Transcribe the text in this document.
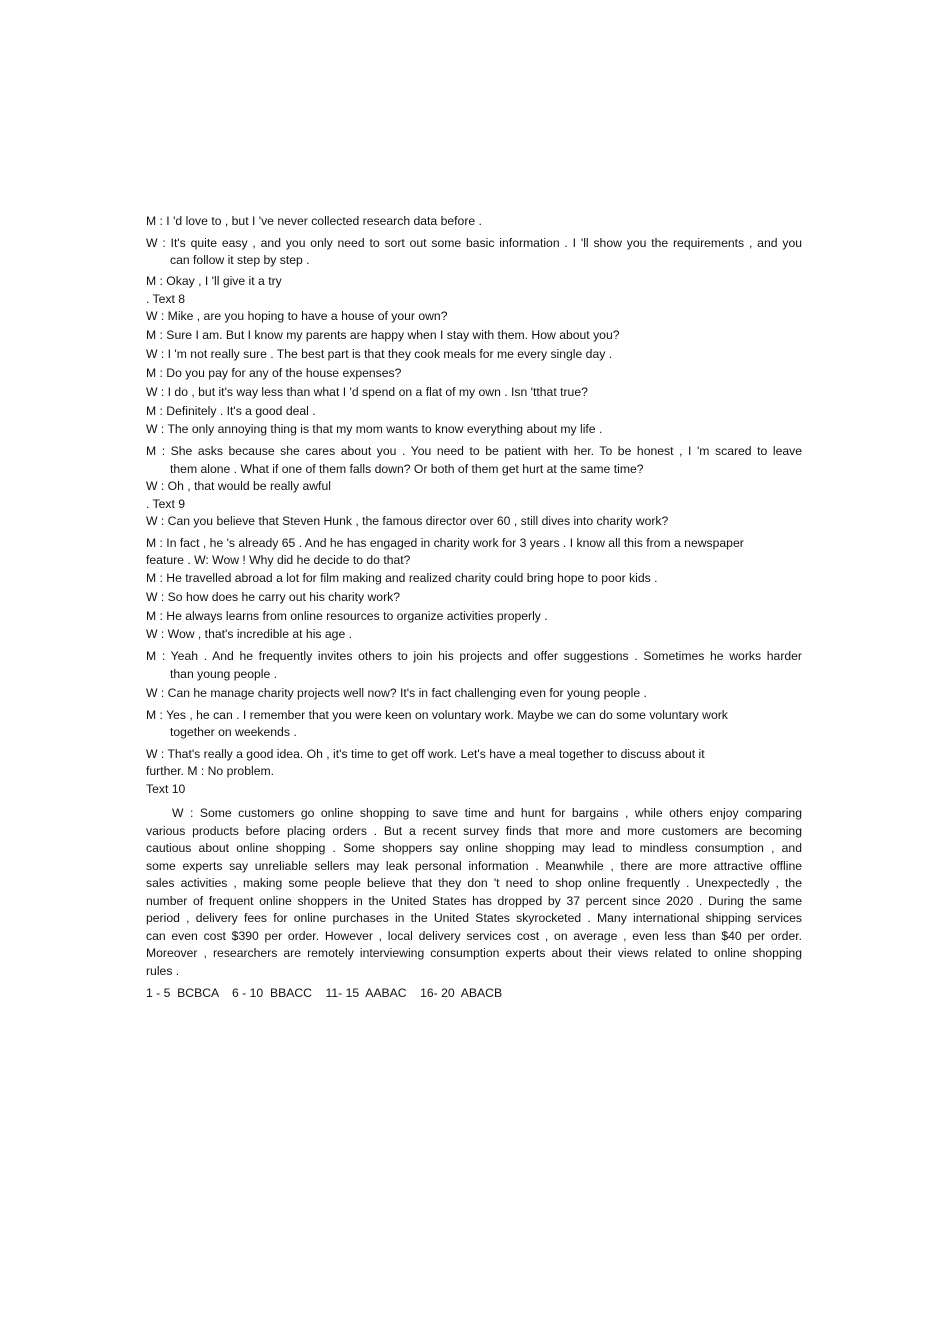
M : I 'd love to , but I 've never collected research data before .

W : It's quite easy , and you only need to sort out some basic information . I 'll show you the requirements , and you
can follow it step by step .

M : Okay , I 'll give it a try

. Text 8

W : Mike , are you hoping to have a house of your own?

M : Sure I am. But I know my parents are happy when I stay with them. How about you?

W : I 'm not really sure . The best part is that they cook meals for me every single day .

M : Do you pay for any of the house expenses?

W : I do , but it's way less than what I 'd spend on a flat of my own . Isn 'tthat true?

M : Definitely . It's a good deal .

W : The only annoying thing is that my mom wants to know everything about my life .

M : She asks because she cares about you . You need to be patient with her. To be honest , I 'm scared to leave
them alone . What if one of them falls down? Or both of them get hurt at the same time?

W : Oh , that would be really awful

. Text 9

W : Can you believe that Steven Hunk , the famous director over 60 , still dives into charity work?

M : In fact , he 's already 65 . And he has engaged in charity work for 3 years . I know all this from a newspaper
feature . W: Wow ! Why did he decide to do that?

M : He travelled abroad a lot for film making and realized charity could bring hope to poor kids .

W : So how does he carry out his charity work?

M : He always learns from online resources to organize activities properly .

W : Wow , that's incredible at his age .

M : Yeah . And he frequently invites others to join his projects and offer suggestions . Sometimes he works harder
than young people .

W : Can he manage charity projects well now? It's in fact challenging even for young people .

M : Yes , he can . I remember that you were keen on voluntary work. Maybe we can do some voluntary work
together on weekends .

W : That's really a good idea. Oh , it's time to get off work. Let's have a meal together to discuss about it
further. M : No problem.

Text 10

W : Some customers go online shopping to save time and hunt for bargains , while others enjoy comparing
various products before placing orders . But a recent survey finds that more and more customers are becoming
cautious about online shopping . Some shoppers say online shopping may lead to mindless consumption , and
some experts say unreliable sellers may leak personal information . Meanwhile , there are more attractive offline
sales activities , making some people believe that they don 't need to shop online frequently . Unexpectedly , the
number of frequent online shoppers in the United States has dropped by 37 percent since 2020 . During the same
period , delivery fees for online purchases in the United States skyrocketed . Many international shipping services
can even cost $390 per order. However , local delivery services cost , on average , even less than $40 per order.
Moreover , researchers are remotely interviewing consumption experts about their views related to online shopping
rules .

1 - 5  BCBCA    6 - 10  BBACC    11- 15  AABAC    16- 20  ABACB
